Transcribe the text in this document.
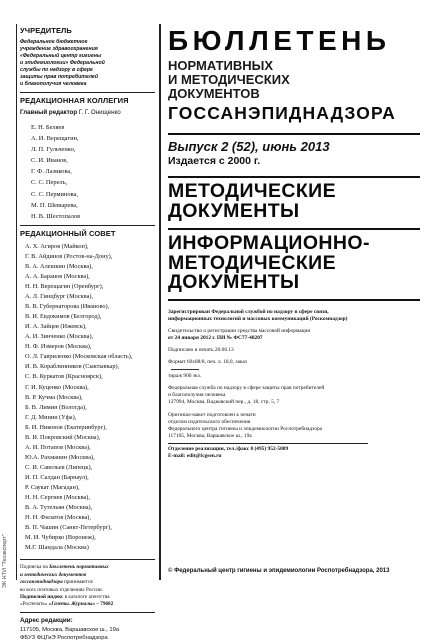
ЭК НТИ "Техэксперт"
УЧРЕДИТЕЛЬ
Федеральное бюджетное
учреждение здравоохранения
«Федеральный центр гигиены
и эпидемиологии» Федеральной
службы по надзору в сфере
защиты прав потребителей
и благополучия человека
РЕДАКЦИОННАЯ КОЛЛЕГИЯ
Главный редактор Г. Г. Онищенко
Е. Н. Беляев
А. И. Верещагин,
Л. П. Гульченко,
С. И. Иванов,
Г. Ф. Лазикова,
С. С. Перель,
С. С. Перминова,
М. П. Шевырева,
Н. В. Шестопалов
РЕДАКЦИОННЫЙ СОВЕТ
А. Х. Агиров (Майкоп),
Г. В. Айдинов (Ростов-на-Дону),
В. А. Алешкин (Москва),
А. А. Баранов (Москва),
Н. Н. Верещагин (Оренбург),
А. Л. Гинцбург (Москва),
В. В. Губернаторова (Иваново),
В. И. Евдокимов (Белгород),
И. А. Зайцев (Ижевск),
А. И. Зинченко (Москва),
Н. Ф. Измеров (Москва),
О. Л. Гавриленко (Московская область),
И. В. Кораблинников (Сыктывкар),
С. В. Куркатов (Красноярск),
Г. И. Куценко (Москва),
В. Р. Кучма (Москва),
Б. В. Лимин (Вологда),
Г. Д. Минин (Уфа),
Б. И. Никонов (Екатеринбург),
В. И. Покровский (Москва),
А. И. Потапов (Москва),
Ю.А. Рахманин (Москва),
С. И. Савельев (Липецк),
И. П. Салдан (Барнаул),
Р. Саукат (Магадан),
Н. Н. Сергиев (Москва),
В. А. Тутельян (Москва),
Н. Н. Филатов (Москва),
В. П. Чашин (Санкт-Петербург),
М. И. Чубирко (Воронеж),
М.Г. Шандала (Москва)
Подписка на Бюллетень нормативных
и методических документов
госсанэпиднадзора принимается
во всех почтовых отделениях России.
Подписной индекс в каталоге агентства
«Роспечать» «Газеты. Журналы» – 79682
Адрес редакции:
117105, Москва, Варшавское ш., 19а
ФБУЗ ФЦГиЭ Роспотребнадзора
БЮЛЛЕТЕНЬ
НОРМАТИВНЫХ
И МЕТОДИЧЕСКИХ
ДОКУМЕНТОВ
ГОССАНЭПИДНАДЗОРА
Выпуск 2 (52), июнь 2013
Издается с 2000 г.
МЕТОДИЧЕСКИЕ
ДОКУМЕНТЫ
ИНФОРМАЦИОННО-
МЕТОДИЧЕСКИЕ
ДОКУМЕНТЫ
Зарегистрирован Федеральной службой по надзору в сфере связи,
информационных технологий и массовых коммуникаций (Роскомнадзор)
Свидетельство о регистрации средства массовой информации
от 24 января 2012 г. ПИ № ФС77-48207
Подписано в печать 20.06.13
Формат 60x88/8, печ. л. 18,0, заказ
тираж 900 экз.
Федеральная служба по надзору в сфере защиты прав потребителей
и благополучия человека
127994, Москва, Вадковский пер., д. 18, стр. 5, 7
Оригинал-макет подготовлен к печати
отделом издательского обеспечения
Федерального центра гигиены и эпидемиологии Роспотребнадзора
117105, Москва, Варшавское ш., 19а
Отделение реализации, тел./факс 8 (495) 952-5089
E-mail: edit@fcgsen.ru
© Федеральный центр гигиены и эпидемиологии Роспотребнадзора, 2013
